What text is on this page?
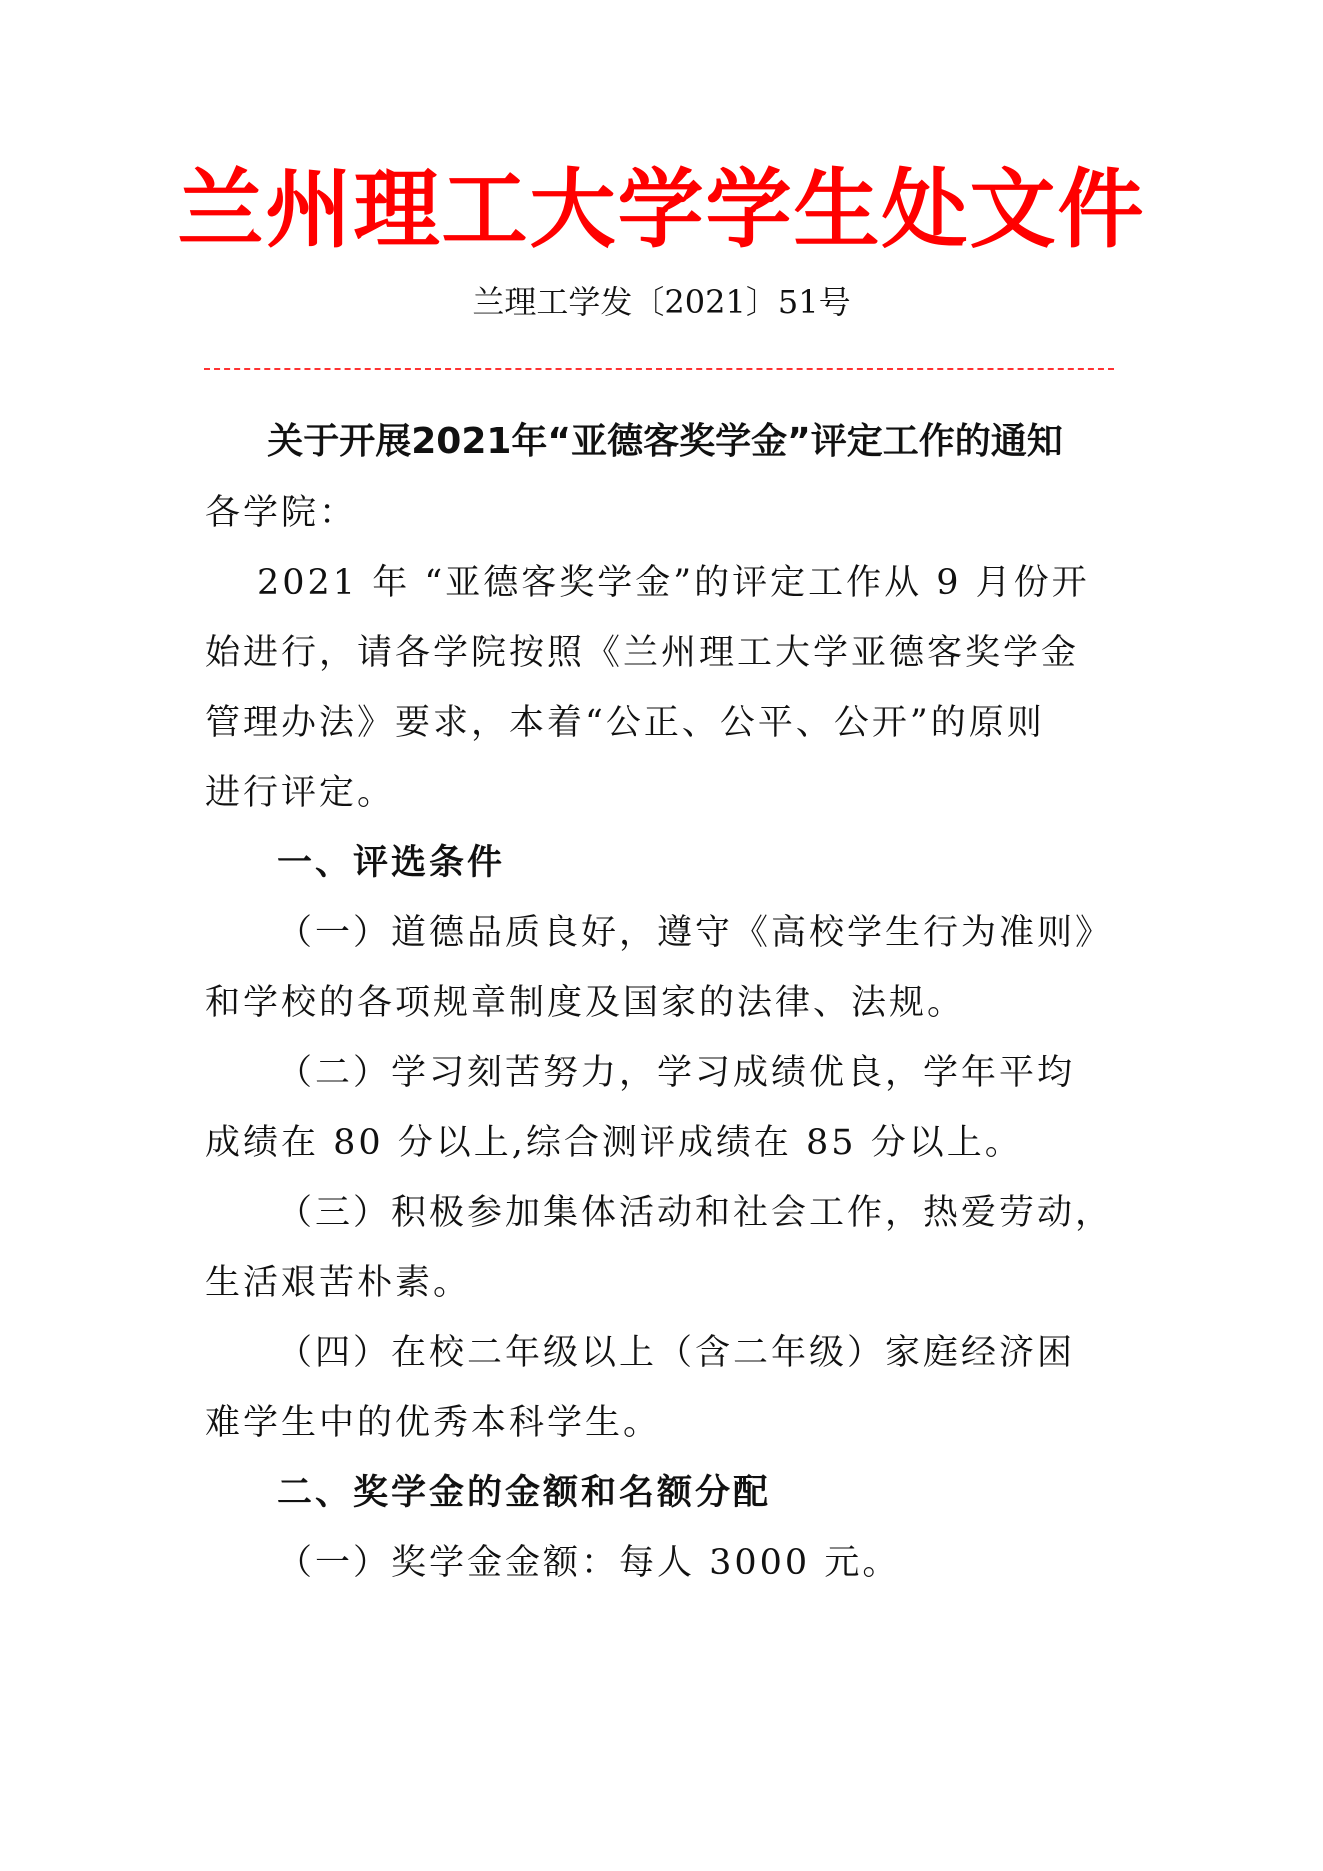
兰州理工大学学生处文件
兰理工学发〔2021〕51号
关于开展2021年“亚德客奖学金”评定工作的通知
各学院：
2021 年 “亚德客奖学金”的评定工作从 9 月份开
始进行，请各学院按照《兰州理工大学亚德客奖学金
管理办法》要求，本着“公正、公平、公开”的原则
进行评定。
一、评选条件
（一）道德品质良好，遵守《高校学生行为准则》
和学校的各项规章制度及国家的法律、法规。
（二）学习刻苦努力，学习成绩优良，学年平均
成绩在 80 分以上,综合测评成绩在 85 分以上。
（三）积极参加集体活动和社会工作，热爱劳动，
生活艰苦朴素。
（四）在校二年级以上（含二年级）家庭经济困
难学生中的优秀本科学生。
二、奖学金的金额和名额分配
（一）奖学金金额：每人 3000 元。
